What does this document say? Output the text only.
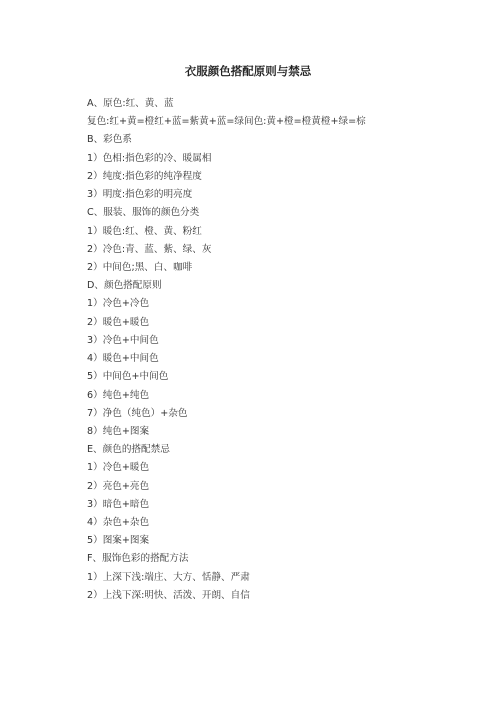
衣服颜色搭配原则与禁忌
A、原色:红、黄、蓝
复色:红+黄=橙红+蓝=紫黄+蓝=绿间色:黄+橙=橙黄橙+绿=棕
B、彩色系
1）色相:指色彩的冷、暖属相
2）纯度:指色彩的纯净程度
3）明度:指色彩的明亮度
C、服装、服饰的颜色分类
1）暖色:红、橙、黄、粉红
2）冷色:青、蓝、紫、绿、灰
2）中间色;黑、白、咖啡
D、颜色搭配原则
1）冷色+冷色
2）暖色+暖色
3）冷色+中间色
4）暖色+中间色
5）中间色+中间色
6）纯色+纯色
7）净色（纯色）+杂色
8）纯色+图案
E、颜色的搭配禁忌
1）冷色+暖色
2）亮色+亮色
3）暗色+暗色
4）杂色+杂色
5）图案+图案
F、服饰色彩的搭配方法
1）上深下浅:端庄、大方、恬静、严肃
2）上浅下深:明快、活泼、开朗、自信
